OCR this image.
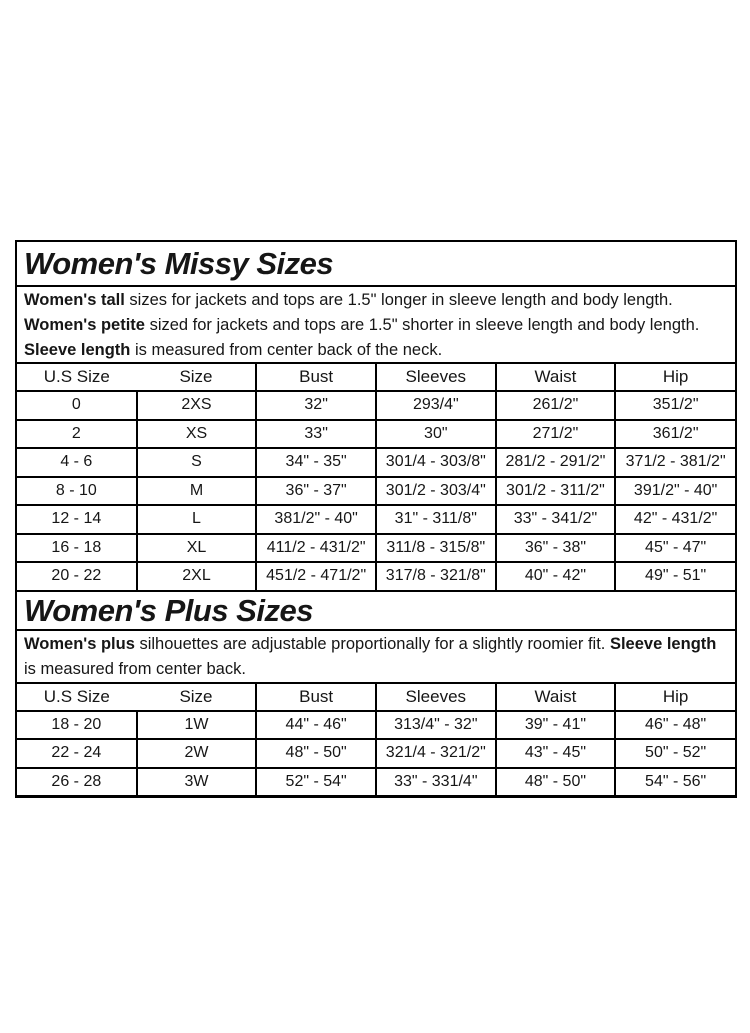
Women's Missy Sizes
Women's tall sizes for jackets and tops are 1.5" longer in sleeve length and body length.
Women's petite sized for jackets and tops are 1.5" shorter in sleeve length and body length.
Sleeve length is measured from center back of the neck.
U.S Size	Size	Bust	Sleeves	Waist	Hip
0	2XS	32"	293/4"	261/2"	351/2"
2	XS	33"	30"	271/2"	361/2"
4 - 6	S	34" - 35"	301/4 - 303/8"	281/2 - 291/2"	371/2 - 381/2"
8 - 10	M	36" - 37"	301/2 - 303/4"	301/2 - 311/2"	391/2" - 40"
12 - 14	L	381/2" - 40"	31" - 311/8"	33" - 341/2"	42" - 431/2"
16 - 18	XL	411/2 - 431/2"	311/8 - 315/8"	36" - 38"	45" - 47"
20 - 22	2XL	451/2 - 471/2"	317/8 - 321/8"	40" - 42"	49" - 51"
Women's Plus Sizes
Women's plus silhouettes are adjustable proportionally for a slightly roomier fit. Sleeve length is measured from center back.
U.S Size	Size	Bust	Sleeves	Waist	Hip
18 - 20	1W	44" - 46"	313/4" - 32"	39" - 41"	46" - 48"
22 - 24	2W	48" - 50"	321/4 - 321/2"	43" - 45"	50" - 52"
26 - 28	3W	52" - 54"	33" - 331/4"	48" - 50"	54" - 56"
